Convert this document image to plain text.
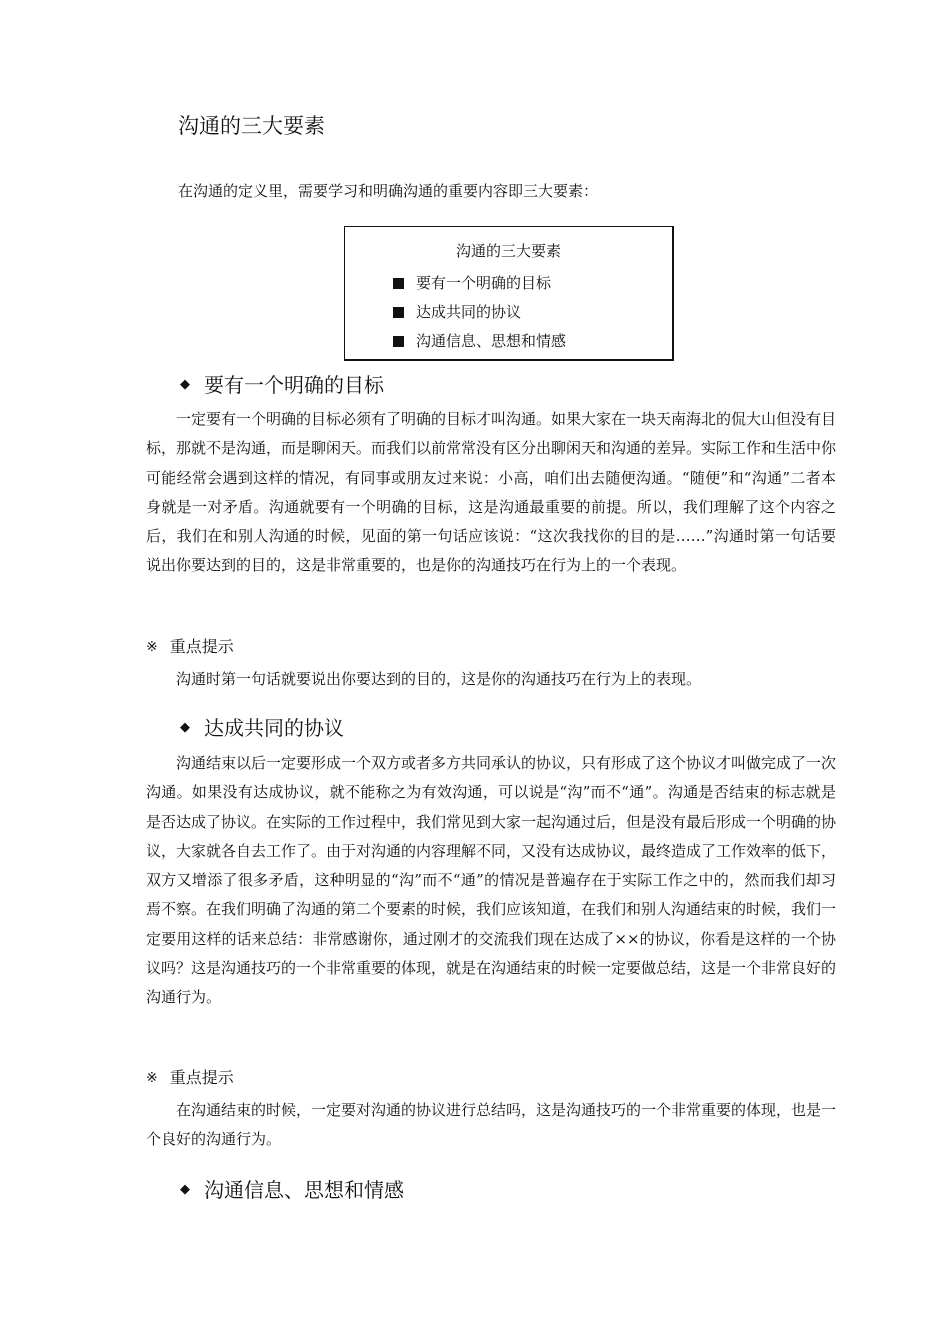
沟通的三大要素
在沟通的定义里，需要学习和明确沟通的重要内容即三大要素：
沟通的三大要素
要有一个明确的目标
达成共同的协议
沟通信息、思想和情感
◆ 要有一个明确的目标

一定要有一个明确的目标必须有了明确的目标才叫沟通。如果大家在一块天南海北的侃大山但没有目标，那就不是沟通，而是聊闲天。而我们以前常常没有区分出聊闲天和沟通的差异。实际工作和生活中你可能经常会遇到这样的情况，有同事或朋友过来说：小高，咱们出去随便沟通。“随便”和“沟通”二者本身就是一对矛盾。沟通就要有一个明确的目标，这是沟通最重要的前提。所以，我们理解了这个内容之后，我们在和别人沟通的时候，见面的第一句话应该说：“这次我找你的目的是……”沟通时第一句话要说出你要达到的目的，这是非常重要的，也是你的沟通技巧在行为上的一个表现。

※ 重点提示

沟通时第一句话就要说出你要达到的目的，这是你的沟通技巧在行为上的表现。

◆ 达成共同的协议

沟通结束以后一定要形成一个双方或者多方共同承认的协议，只有形成了这个协议才叫做完成了一次沟通。如果没有达成协议，就不能称之为有效沟通，可以说是“沟”而不“通”。沟通是否结束的标志就是是否达成了协议。在实际的工作过程中，我们常见到大家一起沟通过后，但是没有最后形成一个明确的协议，大家就各自去工作了。由于对沟通的内容理解不同，又没有达成协议，最终造成了工作效率的低下，双方又增添了很多矛盾，这种明显的“沟”而不“通”的情况是普遍存在于实际工作之中的，然而我们却习焉不察。在我们明确了沟通的第二个要素的时候，我们应该知道，在我们和别人沟通结束的时候，我们一定要用这样的话来总结：非常感谢你，通过刚才的交流我们现在达成了××的协议，你看是这样的一个协议吗？这是沟通技巧的一个非常重要的体现，就是在沟通结束的时候一定要做总结，这是一个非常良好的沟通行为。

※ 重点提示

在沟通结束的时候，一定要对沟通的协议进行总结吗，这是沟通技巧的一个非常重要的体现，也是一个良好的沟通行为。

◆ 沟通信息、思想和情感
